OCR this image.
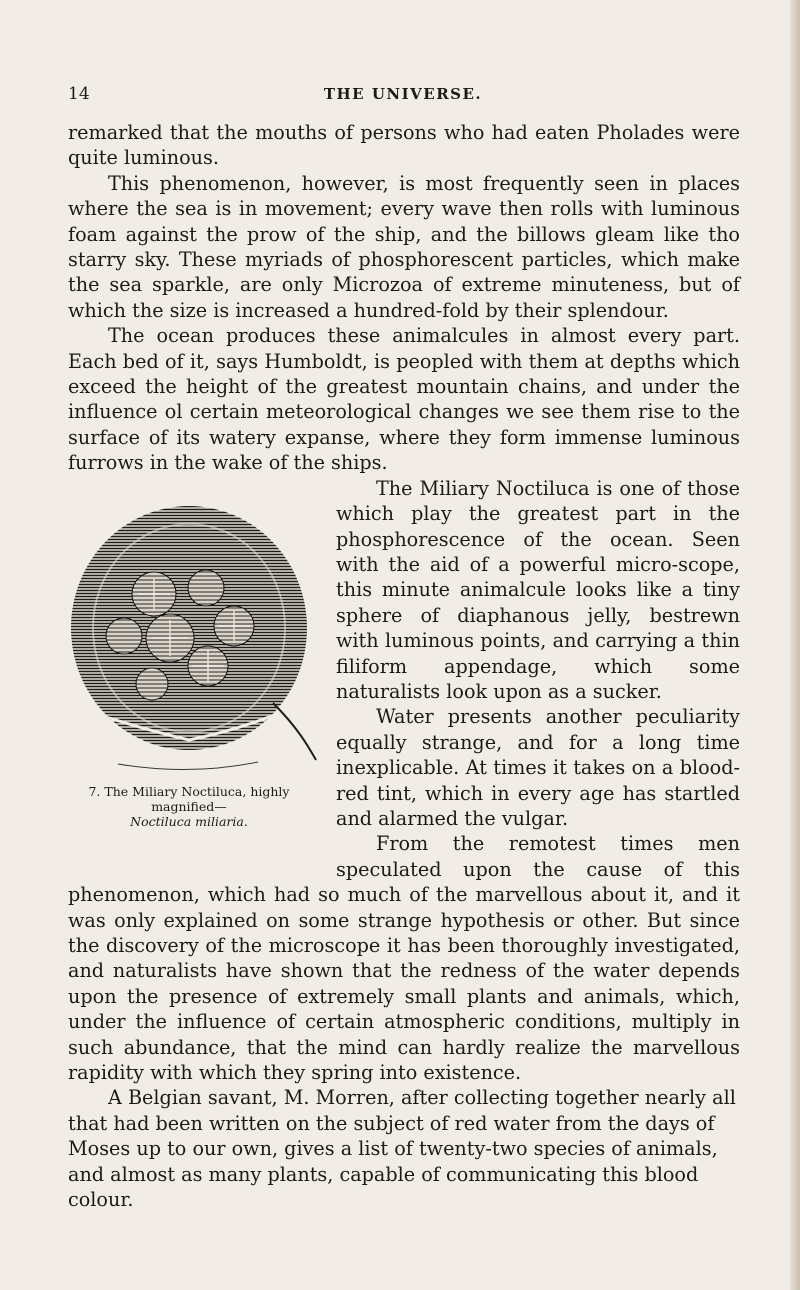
14	THE UNIVERSE.

remarked that the mouths of persons who had eaten Pholades were quite luminous.

This phenomenon, however, is most frequently seen in places where the sea is in movement; every wave then rolls with luminous foam against the prow of the ship, and the billows gleam like tho starry sky. These myriads of phosphorescent particles, which make the sea sparkle, are only Microzoa of extreme minuteness, but of which the size is increased a hundred-fold by their splendour.

The ocean produces these animalcules in almost every part. Each bed of it, says Humboldt, is peopled with them at depths which exceed the height of the greatest mountain chains, and under the influence ol certain meteorological changes we see them rise to the surface of its watery expanse, where they form immense luminous furrows in the wake of the ships.

7. The Miliary Noctiluca, highly magnified—
Noctiluca miliaria.

The Miliary Noctiluca is one of those which play the greatest part in the phosphorescence of the ocean. Seen with the aid of a powerful micro-scope, this minute animalcule looks like a tiny sphere of diaphanous jelly, bestrewn with luminous points, and carrying a thin filiform appendage, which some naturalists look upon as a sucker.

Water presents another peculiarity equally strange, and for a long time inexplicable. At times it takes on a blood-red tint, which in every age has startled and alarmed the vulgar.

From the remotest times men speculated upon the cause of this phenomenon, which had so much of the marvellous about it, and it was only explained on some strange hypothesis or other. But since the discovery of the microscope it has been thoroughly investigated, and naturalists have shown that the redness of the water depends upon the presence of extremely small plants and animals, which, under the influence of certain atmospheric conditions, multiply in such abundance, that the mind can hardly realize the marvellous rapidity with which they spring into existence.

A Belgian savant, M. Morren, after collecting together nearly all that had been written on the subject of red water from the days of Moses up to our own, gives a list of twenty-two species of animals, and almost as many plants, capable of communicating this blood colour.
